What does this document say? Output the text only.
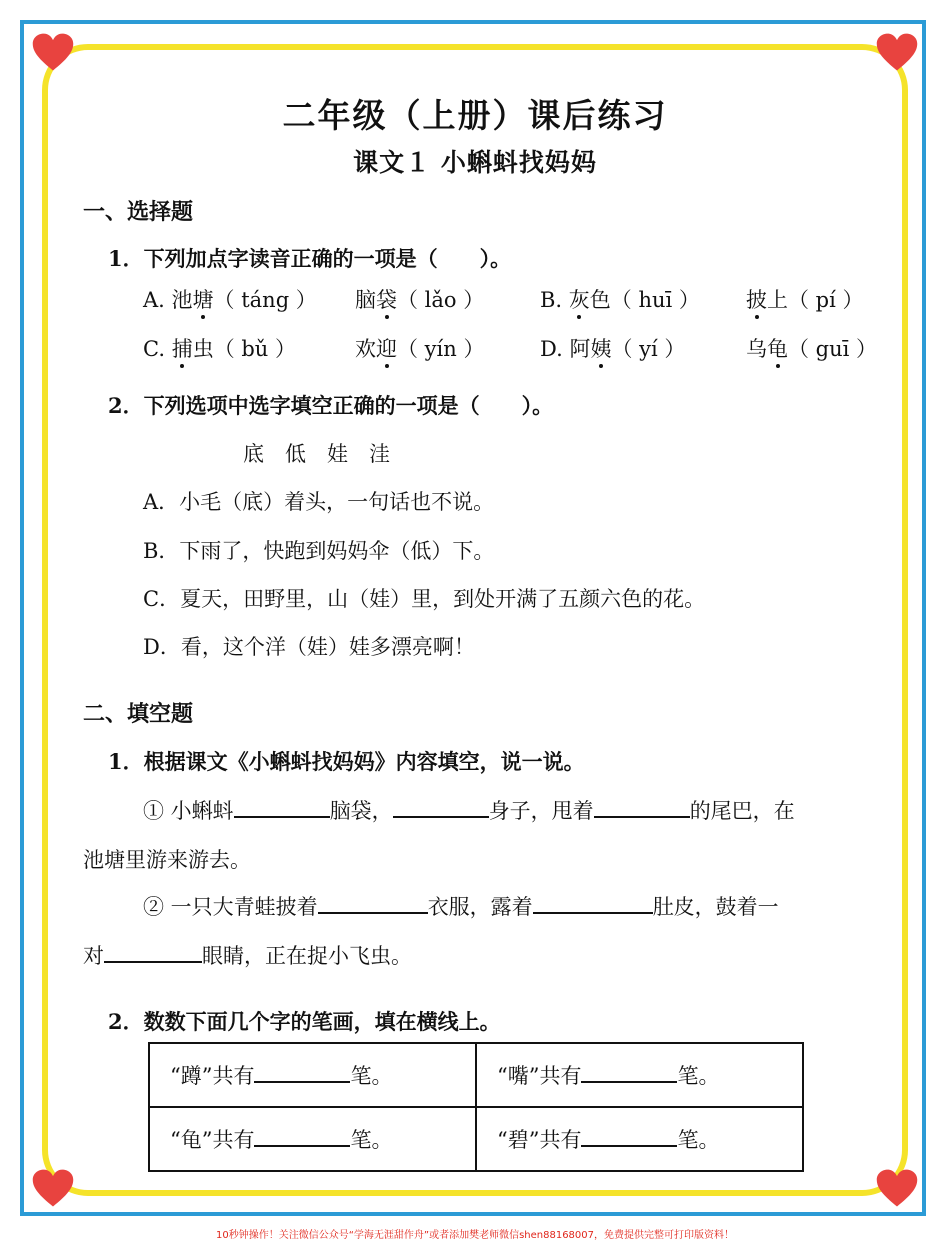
二年级（上册）课后练习
课文１ 小蝌蚪找妈妈
一、选择题
1．下列加点字读音正确的一项是（　　）。
A. 池塘（ táng ） 脑袋（ lǎo ）	B. 灰色（ huī ） 披上（ pí ）
C. 捕虫（ bǔ ）	欢迎（ yín ）	D. 阿姨（ yí ）	乌龟（ guī ）
2．下列选项中选字填空正确的一项是（　　）。
底　低　娃　洼
A．小毛（底）着头，一句话也不说。
B．下雨了，快跑到妈妈伞（低）下。
C．夏天，田野里，山（娃）里，到处开满了五颜六色的花。
D．看，这个洋（娃）娃多漂亮啊！
二、填空题
1．根据课文《小蝌蚪找妈妈》内容填空，说一说。
① 小蝌蚪	脑袋，	身子，甩着	的尾巴，在
池塘里游来游去。
② 一只大青蛙披着	衣服，露着	肚皮，鼓着一
对	眼睛，正在捉小飞虫。
2．数数下面几个字的笔画，填在横线上。
“蹲”共有 笔。	“嘴”共有 笔。
“龟”共有 笔。	“碧”共有 笔。
10秒钟操作！关注微信公众号“学海无涯甜作舟”或者添加樊老师微信shen88168007，免费提供完整可打印版资料！
